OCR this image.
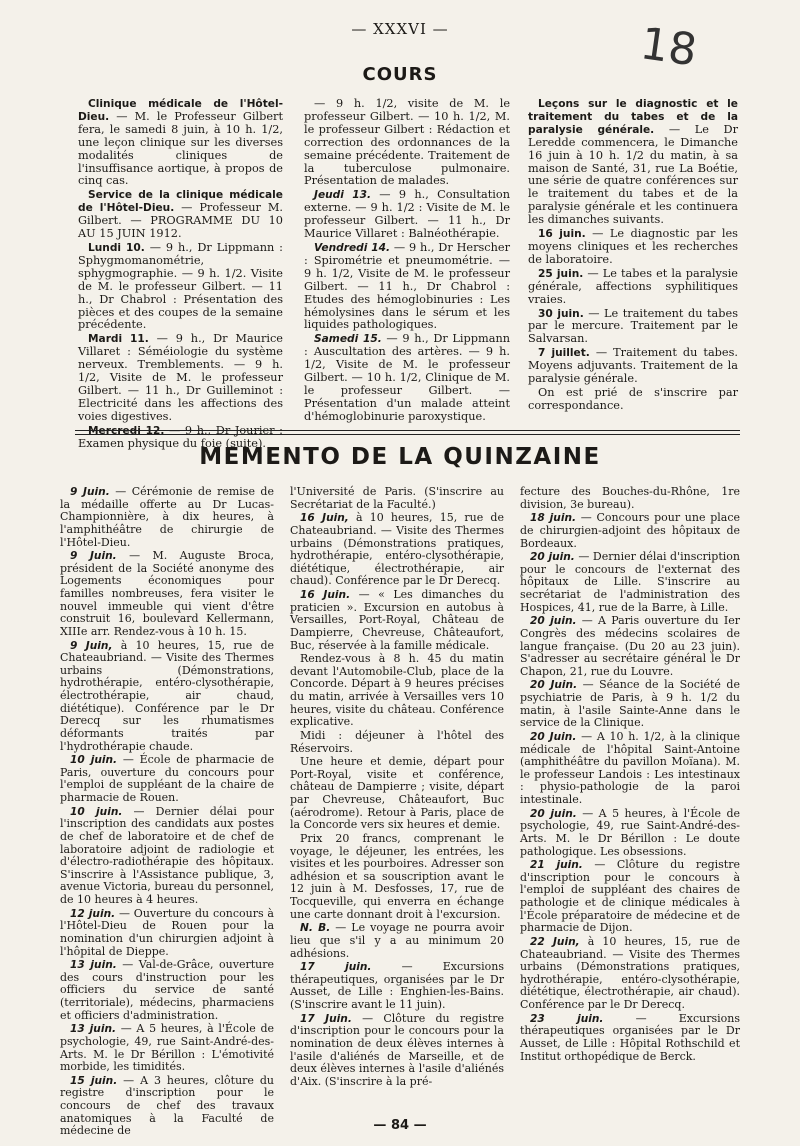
— XXXVI —	18
COURS

Clinique médicale de l'Hôtel-Dieu. — M. le Professeur Gilbert fera, le samedi 8 juin, à 10 h. 1/2, une leçon clinique sur les diverses modalités cliniques de l'insuffisance aortique, à propos de cinq cas.

Service de la clinique médicale de l'Hôtel-Dieu. — Professeur M. Gilbert. — PROGRAMME DU 10 AU 15 JUIN 1912.

Lundi 10. — 9 h., Dr Lippmann : Sphygmomanométrie, sphygmographie. — 9 h. 1/2. Visite de M. le professeur Gilbert. — 11 h., Dr Chabrol : Présentation des pièces et des coupes de la semaine précédente.

Mardi 11. — 9 h., Dr Maurice Villaret : Séméiologie du système nerveux. Tremblements. — 9 h. 1/2, Visite de M. le professeur Gilbert. — 11 h., Dr Guilleminot : Electricité dans les affections des voies digestives.

Mercredi 12. — 9 h., Dr Jourier : Examen physique du foie (suite).

— 9 h. 1/2, visite de M. le professeur Gilbert. — 10 h. 1/2, M. le professeur Gilbert : Rédaction et correction des ordonnances de la semaine précédente. Traitement de la tuberculose pulmonaire. Présentation de malades.

Jeudi 13. — 9 h., Consultation externe. — 9 h. 1/2 : Visite de M. le professeur Gilbert. — 11 h., Dr Maurice Villaret : Balnéothérapie.

Vendredi 14. — 9 h., Dr Herscher : Spirométrie et pneumométrie. — 9 h. 1/2, Visite de M. le professeur Gilbert. — 11 h., Dr Chabrol : Etudes des hémoglobinuries : Les hémolysines dans le sérum et les liquides pathologiques.

Samedi 15. — 9 h., Dr Lippmann : Auscultation des artères. — 9 h. 1/2, Visite de M. le professeur Gilbert. — 10 h. 1/2, Clinique de M. le professeur Gilbert. — Présentation d'un malade atteint d'hémoglobinurie paroxystique.

Leçons sur le diagnostic et le traitement du tabes et de la paralysie générale. — Le Dr Leredde commencera, le Dimanche 16 juin à 10 h. 1/2 du matin, à sa maison de Santé, 31, rue La Boétie, une série de quatre conférences sur le traitement du tabes et de la paralysie générale et les continuera les dimanches suivants.

16 juin. — Le diagnostic par les moyens cliniques et les recherches de laboratoire.

25 juin. — Le tabes et la paralysie générale, affections syphilitiques vraies.

30 juin. — Le traitement du tabes par le mercure. Traitement par le Salvarsan.

7 juillet. — Traitement du tabes. Moyens adjuvants. Traitement de la paralysie générale.

On est prié de s'inscrire par correspondance.

MEMENTO DE LA QUINZAINE

9 Juin. — Cérémonie de remise de la médaille offerte au Dr Lucas-Championnière, à dix heures, à l'amphithéâtre de chirurgie de l'Hôtel-Dieu.

9 Juin. — M. Auguste Broca, président de la Société anonyme des Logements économiques pour familles nombreuses, fera visiter le nouvel immeuble qui vient d'être construit 16, boulevard Kellermann, XIIIe arr. Rendez-vous à 10 h. 15.

9 Juin, à 10 heures, 15, rue de Chateaubriand. — Visite des Thermes urbains (Démonstrations, hydrothérapie, entéro-clysothérapie, électrothérapie, air chaud, diététique). Conférence par le Dr Derecq sur les rhumatismes déformants traités par l'hydrothérapie chaude.

10 juin. — École de pharmacie de Paris, ouverture du concours pour l'emploi de suppléant de la chaire de pharmacie de Rouen.

10 juin. — Dernier délai pour l'inscription des candidats aux postes de chef de laboratoire et de chef de laboratoire adjoint de radiologie et d'électro-radiothérapie des hôpitaux. S'inscrire à l'Assistance publique, 3, avenue Victoria, bureau du personnel, de 10 heures à 4 heures.

12 juin. — Ouverture du concours à l'Hôtel-Dieu de Rouen pour la nomination d'un chirurgien adjoint à l'hôpital de Dieppe.

13 juin. — Val-de-Grâce, ouverture des cours d'instruction pour les officiers du service de santé (territoriale), médecins, pharmaciens et officiers d'administration.

13 juin. — A 5 heures, à l'École de psychologie, 49, rue Saint-André-des-Arts. M. le Dr Bérillon : L'émotivité morbide, les timidités.

15 juin. — A 3 heures, clôture du registre d'inscription pour le concours de chef des travaux anatomiques à la Faculté de médecine de

l'Université de Paris. (S'inscrire au Secrétariat de la Faculté.)

16 Juin, à 10 heures, 15, rue de Chateaubriand. — Visite des Thermes urbains (Démonstrations pratiques, hydrothérapie, entéro-clysothérapie, diététique, électrothérapie, air chaud). Conférence par le Dr Derecq.

16 Juin. — « Les dimanches du praticien ». Excursion en autobus à Versailles, Port-Royal, Château de Dampierre, Chevreuse, Châteaufort, Buc, réservée à la famille médicale.

Rendez-vous à 8 h. 45 du matin devant l'Automobile-Club, place de la Concorde. Départ à 9 heures précises du matin, arrivée à Versailles vers 10 heures, visite du château. Conférence explicative.

Midi : déjeuner à l'hôtel des Réservoirs.

Une heure et demie, départ pour Port-Royal, visite et conférence, château de Dampierre ; visite, départ par Chevreuse, Châteaufort, Buc (aérodrome). Retour à Paris, place de la Concorde vers six heures et demie.

Prix 20 francs, comprenant le voyage, le déjeuner, les entrées, les visites et les pourboires. Adresser son adhésion et sa souscription avant le 12 juin à M. Desfosses, 17, rue de Tocqueville, qui enverra en échange une carte donnant droit à l'excursion.

N. B. — Le voyage ne pourra avoir lieu que s'il y a au minimum 20 adhésions.

17 juin. — Excursions thérapeutiques, organisées par le Dr Ausset, de Lille : Enghien-les-Bains. (S'inscrire avant le 11 juin).

17 Juin. — Clôture du registre d'inscription pour le concours pour la nomination de deux élèves internes à l'asile d'aliénés de Marseille, et de deux élèves internes à l'asile d'aliénés d'Aix. (S'inscrire à la pré-

fecture des Bouches-du-Rhône, 1re division, 3e bureau).

18 juin. — Concours pour une place de chirurgien-adjoint des hôpitaux de Bordeaux.

20 juin. — Dernier délai d'inscription pour le concours de l'externat des hôpitaux de Lille. S'inscrire au secrétariat de l'administration des Hospices, 41, rue de la Barre, à Lille.

20 juin. — A Paris ouverture du Ier Congrès des médecins scolaires de langue française. (Du 20 au 23 juin). S'adresser au secrétaire général le Dr Chapon, 21, rue du Louvre.

20 Juin. — Séance de la Société de psychiatrie de Paris, à 9 h. 1/2 du matin, à l'asile Sainte-Anne dans le service de la Clinique.

20 Juin. — A 10 h. 1/2, à la clinique médicale de l'hôpital Saint-Antoine (amphithéâtre du pavillon Moïana). M. le professeur Landois : Les intestinaux : physio-pathologie de la paroi intestinale.

20 juin. — A 5 heures, à l'École de psychologie, 49, rue Saint-André-des-Arts. M. le Dr Bérillon : Le doute pathologique. Les obsessions.

21 juin. — Clôture du registre d'inscription pour le concours à l'emploi de suppléant des chaires de pathologie et de clinique médicales à l'École préparatoire de médecine et de pharmacie de Dijon.

22 Juin, à 10 heures, 15, rue de Chateaubriand. — Visite des Thermes urbains (Démonstrations pratiques, hydrothérapie, entéro-clysothérapie, diététique, électrothérapie, air chaud). Conférence par le Dr Derecq.

23 juin. — Excursions thérapeutiques organisées par le Dr Ausset, de Lille : Hôpital Rothschild et Institut orthopédique de Berck.

— 84 —
